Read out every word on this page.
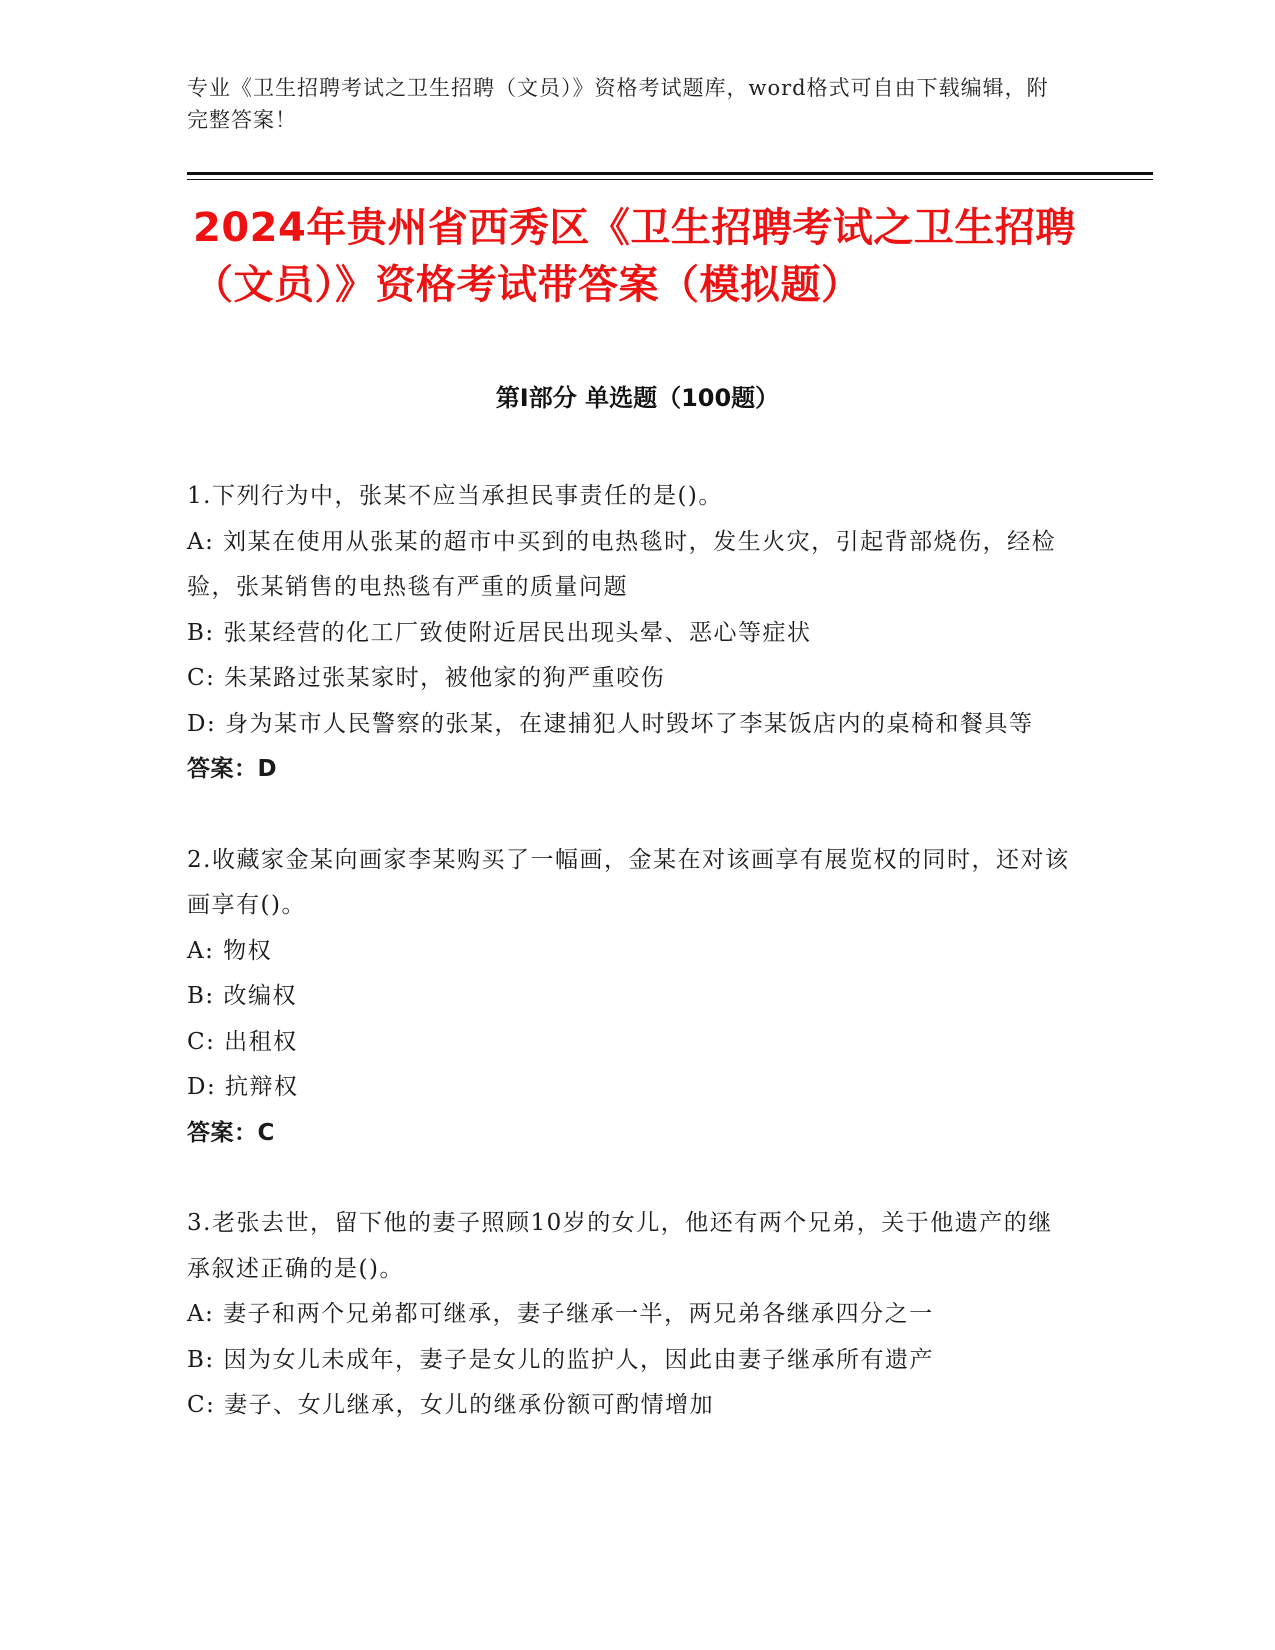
专业《卫生招聘考试之卫生招聘（文员）》资格考试题库，word格式可自由下载编辑，附完整答案！
2024年贵州省西秀区《卫生招聘考试之卫生招聘（文员）》资格考试带答案（模拟题）
第Ⅰ部分 单选题（100题）

1.下列行为中，张某不应当承担民事责任的是()。

A: 刘某在使用从张某的超市中买到的电热毯时，发生火灾，引起背部烧伤，经检验，张某销售的电热毯有严重的质量问题

B: 张某经营的化工厂致使附近居民出现头晕、恶心等症状

C: 朱某路过张某家时，被他家的狗严重咬伤

D: 身为某市人民警察的张某，在逮捕犯人时毁坏了李某饭店内的桌椅和餐具等

答案：D

2.收藏家金某向画家李某购买了一幅画，金某在对该画享有展览权的同时，还对该画享有()。

A: 物权

B: 改编权

C: 出租权

D: 抗辩权

答案：C

3.老张去世，留下他的妻子照顾10岁的女儿，他还有两个兄弟，关于他遗产的继承叙述正确的是()。

A: 妻子和两个兄弟都可继承，妻子继承一半，两兄弟各继承四分之一

B: 因为女儿未成年，妻子是女儿的监护人，因此由妻子继承所有遗产

C: 妻子、女儿继承，女儿的继承份额可酌情增加
